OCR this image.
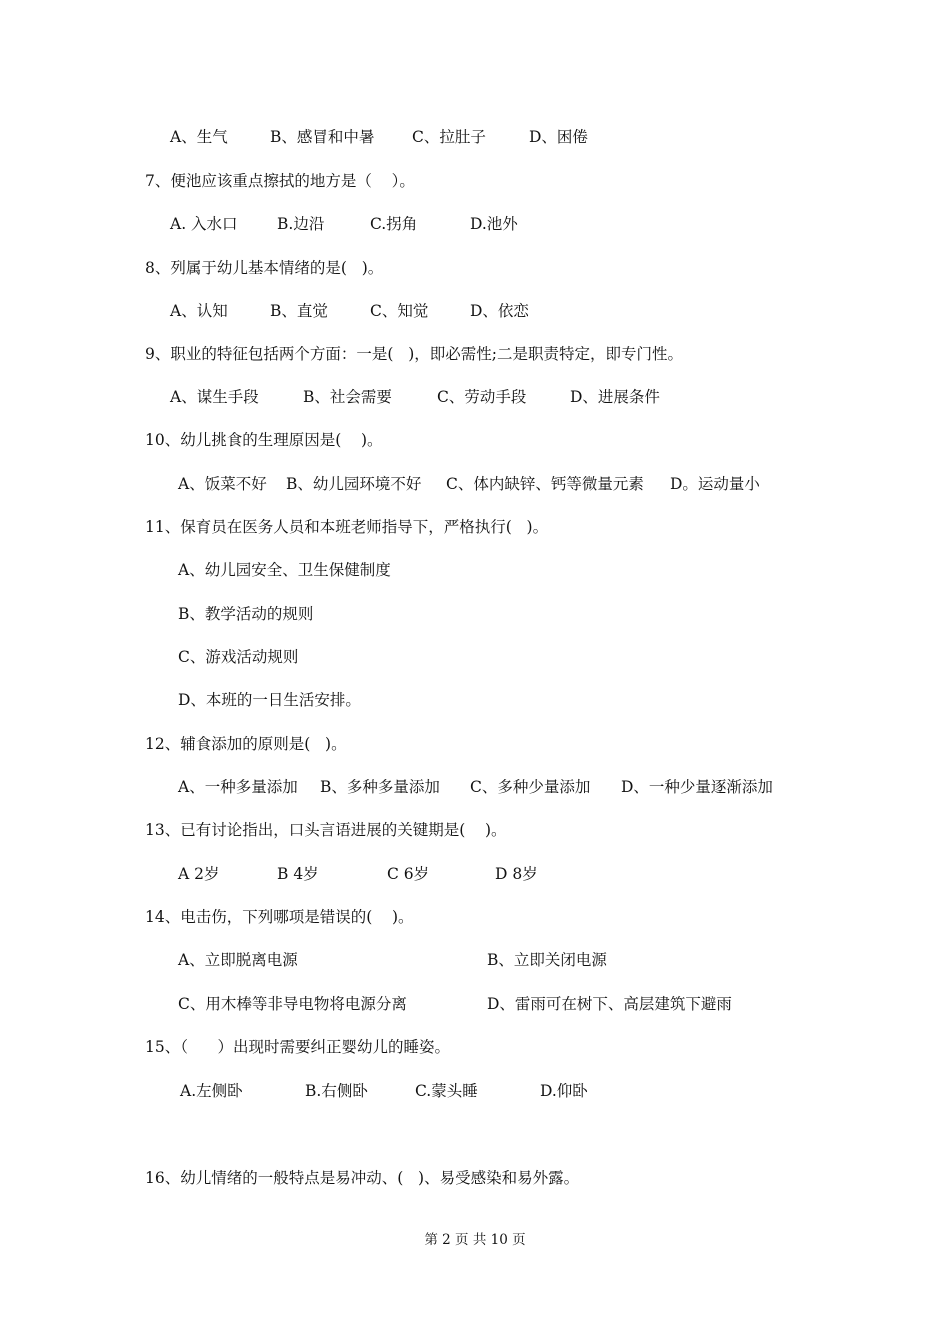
A、生气	B、感冒和中暑 C、拉肚子	D、困倦
7、便池应该重点擦拭的地方是（    ）。
A. 入水口	B.边沿	C.拐角	D.池外
8、列属于幼儿基本情绪的是(   )。
A、认知	B、直觉	C、知觉	D、依恋
9、职业的特征包括两个方面：一是(   )，即必需性;二是职责特定，即专门性。
A、谋生手段	B、社会需要	C、劳动手段	D、进展条件
10、幼儿挑食的生理原因是(    )。
A、饭菜不好 B、幼儿园环境不好 C、体内缺锌、钙等微量元素 D。运动量小
11、保育员在医务人员和本班老师指导下，严格执行(   )。
A、幼儿园安全、卫生保健制度
B、教学活动的规则
C、游戏活动规则
D、本班的一日生活安排。
12、辅食添加的原则是(   )。
A、一种多量添加 B、多种多量添加 C、多种少量添加 D、一种少量逐渐添加
13、已有讨论指出，口头言语进展的关键期是(    )。
A 2岁	B 4岁	C 6岁	D 8岁
14、电击伤，下列哪项是错误的(    )。
A、立即脱离电源	B、立即关闭电源
C、用木棒等非导电物将电源分离	D、雷雨可在树下、高层建筑下避雨
15、（      ）出现时需要纠正婴幼儿的睡姿。
A.左侧卧	B.右侧卧	C.蒙头睡	D.仰卧
16、幼儿情绪的一般特点是易冲动、(   )、易受感染和易外露。
第 2 页 共 10 页
